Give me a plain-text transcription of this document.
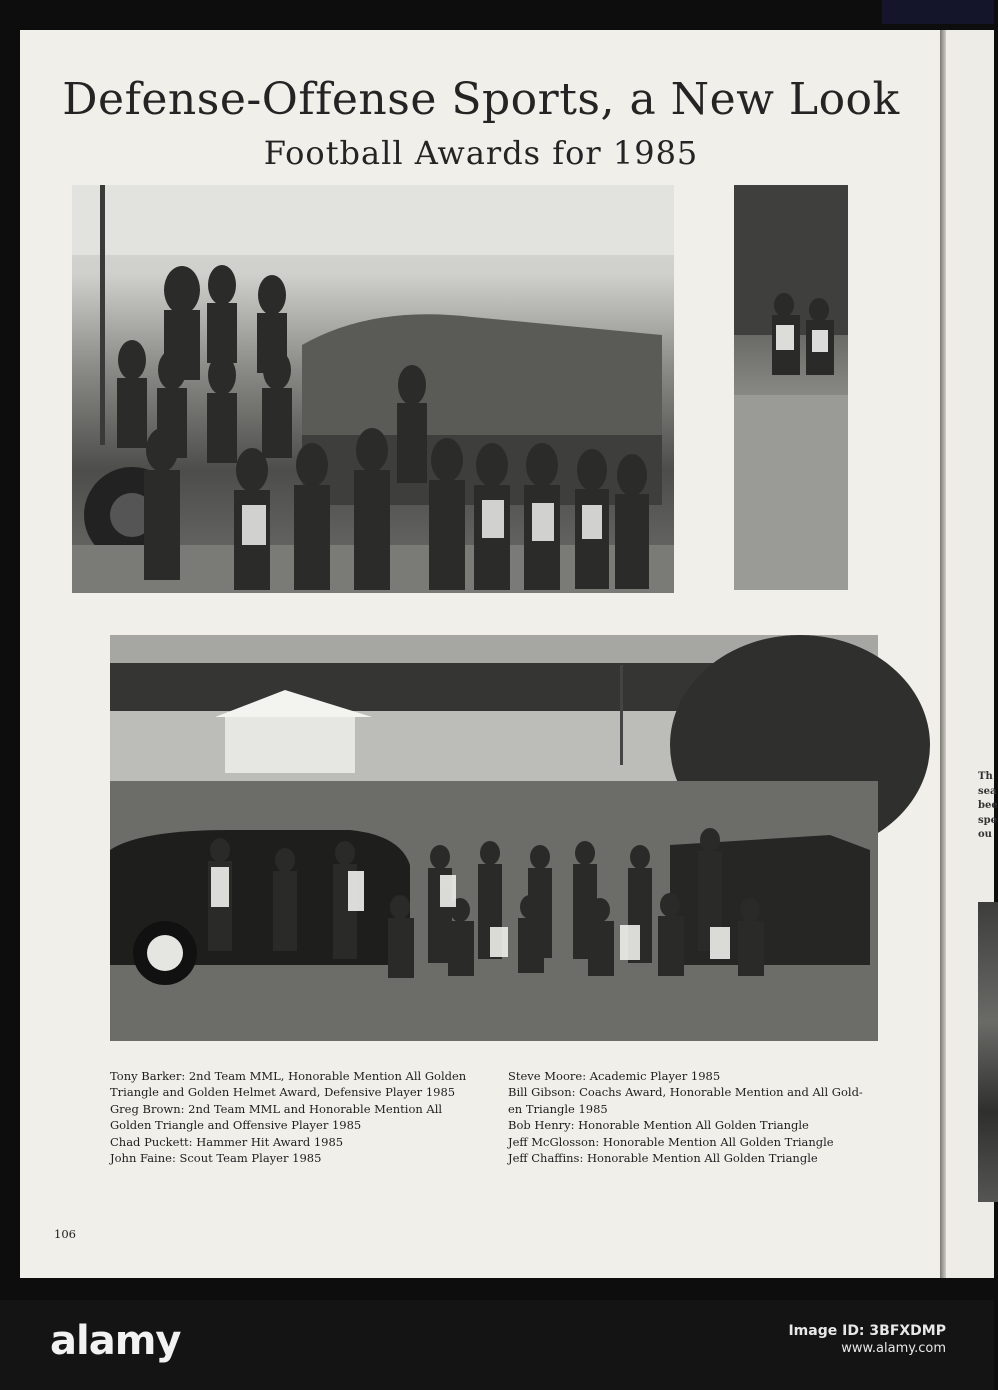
Defense-Offense Sports, a New Look
Football Awards for 1985

Tony Barker: 2nd Team MML, Honorable Mention All Golden

Triangle and Golden Helmet Award, Defensive Player 1985

Greg Brown: 2nd Team MML and Honorable Mention All

Golden Triangle and Offensive Player 1985

Chad Puckett: Hammer Hit Award 1985

John Faine: Scout Team Player 1985

Steve Moore: Academic Player 1985

Bill Gibson: Coachs Award, Honorable Mention and All Gold-

en Triangle 1985

Bob Henry: Honorable Mention All Golden Triangle

Jeff McGlosson: Honorable Mention All Golden Triangle

Jeff Chaffins: Honorable Mention All Golden Triangle

106
Th
sea
bee
spe
ou
alamy	Image ID: 3BFXDMP
www.alamy.com
